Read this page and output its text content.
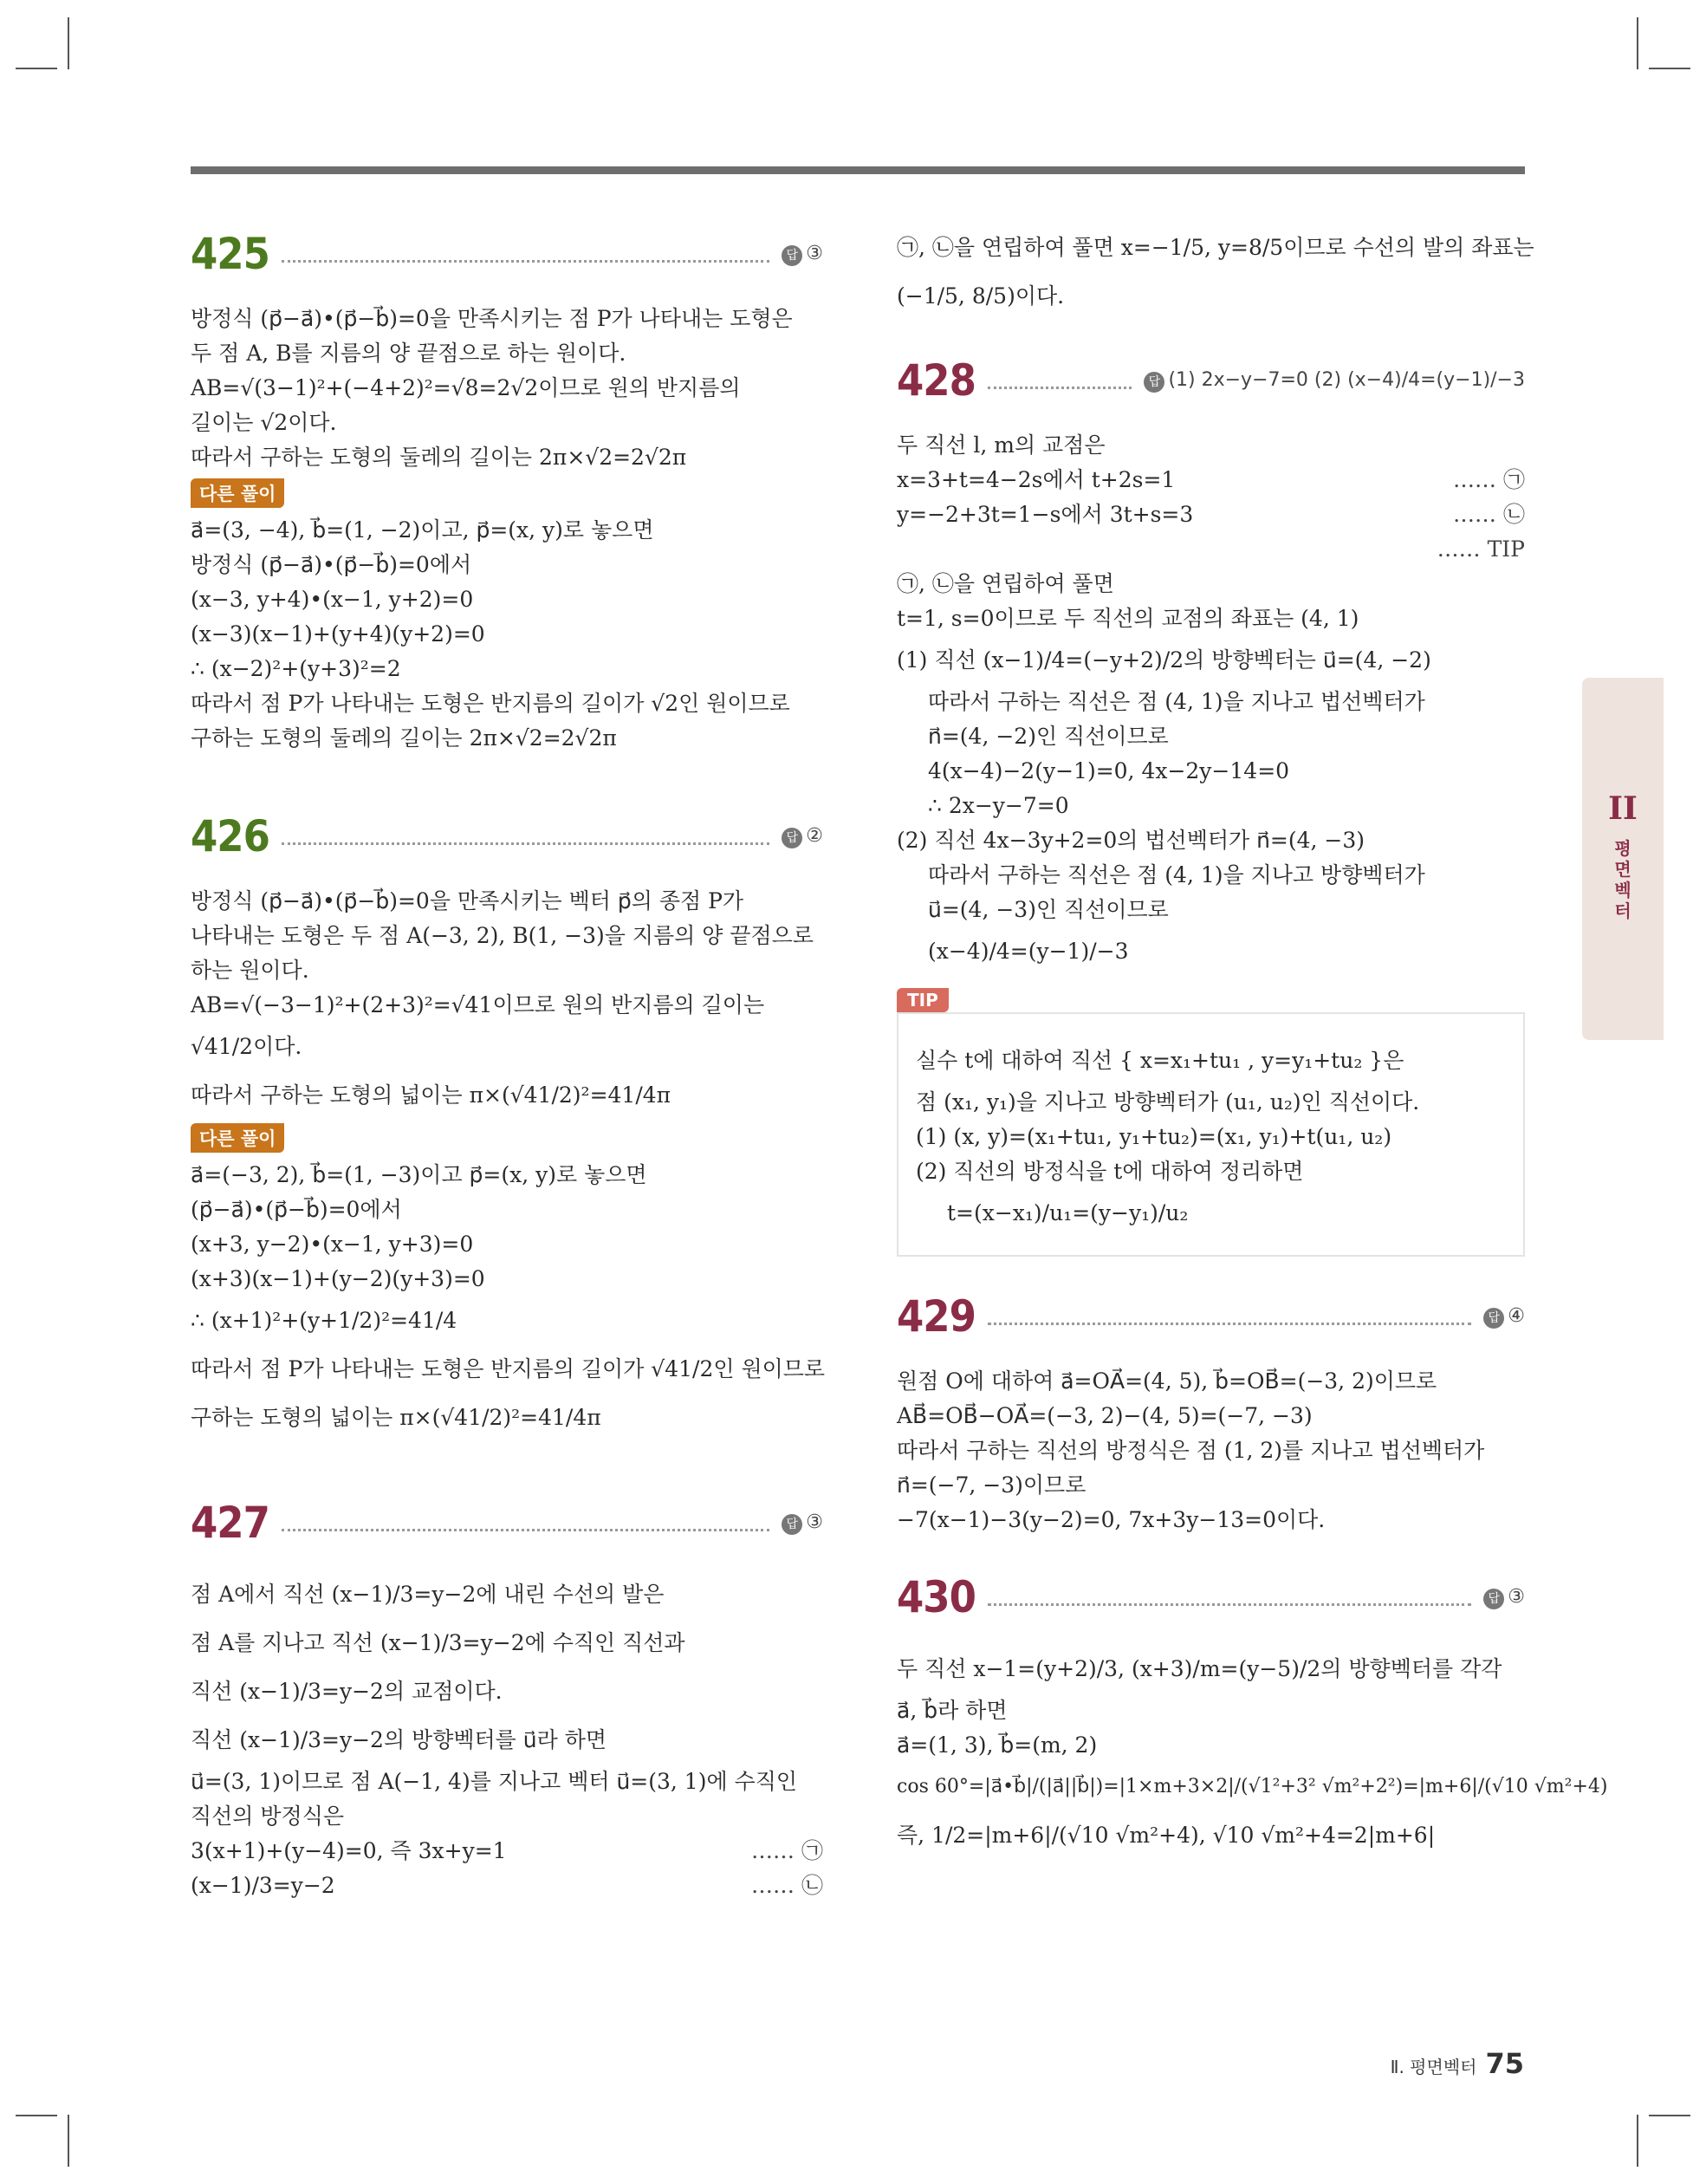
425	답 ③
방정식 (p⃗−a⃗)•(p⃗−b⃗)=0을 만족시키는 점 P가 나타내는 도형은
두 점 A, B를 지름의 양 끝점으로 하는 원이다.
AB=√(3−1)²+(−4+2)²=√8=2√2이므로 원의 반지름의
길이는 √2이다.
따라서 구하는 도형의 둘레의 길이는 2π×√2=2√2π
다른 풀이
a⃗=(3, −4), b⃗=(1, −2)이고, p⃗=(x, y)로 놓으면
방정식 (p⃗−a⃗)•(p⃗−b⃗)=0에서
(x−3, y+4)•(x−1, y+2)=0
(x−3)(x−1)+(y+4)(y+2)=0
∴ (x−2)²+(y+3)²=2
따라서 점 P가 나타내는 도형은 반지름의 길이가 √2인 원이므로
구하는 도형의 둘레의 길이는 2π×√2=2√2π
426	답 ②
방정식 (p⃗−a⃗)•(p⃗−b⃗)=0을 만족시키는 벡터 p⃗의 종점 P가
나타내는 도형은 두 점 A(−3, 2), B(1, −3)을 지름의 양 끝점으로
하는 원이다.
AB=√(−3−1)²+(2+3)²=√41이므로 원의 반지름의 길이는
√41/2이다.
따라서 구하는 도형의 넓이는 π×(√41/2)²=41/4π
다른 풀이
a⃗=(−3, 2), b⃗=(1, −3)이고 p⃗=(x, y)로 놓으면
(p⃗−a⃗)•(p⃗−b⃗)=0에서
(x+3, y−2)•(x−1, y+3)=0
(x+3)(x−1)+(y−2)(y+3)=0
∴ (x+1)²+(y+1/2)²=41/4
따라서 점 P가 나타내는 도형은 반지름의 길이가 √41/2인 원이므로
구하는 도형의 넓이는 π×(√41/2)²=41/4π
427	답 ③
점 A에서 직선 (x−1)/3=y−2에 내린 수선의 발은
점 A를 지나고 직선 (x−1)/3=y−2에 수직인 직선과
직선 (x−1)/3=y−2의 교점이다.
직선 (x−1)/3=y−2의 방향벡터를 u⃗라 하면
u⃗=(3, 1)이므로 점 A(−1, 4)를 지나고 벡터 u⃗=(3, 1)에 수직인
직선의 방정식은
…… ㉠
3(x+1)+(y−4)=0, 즉 3x+y=1
…… ㉡
(x−1)/3=y−2
㉠, ㉡을 연립하여 풀면 x=−1/5, y=8/5이므로 수선의 발의 좌표는
(−1/5, 8/5)이다.
428	답 (1) 2x−y−7=0 (2) (x−4)/4=(y−1)/−3
두 직선 l, m의 교점은
…… ㉠
x=3+t=4−2s에서 t+2s=1
…… ㉡
y=−2+3t=1−s에서 3t+s=3
…… TIP

㉠, ㉡을 연립하여 풀면
t=1, s=0이므로 두 직선의 교점의 좌표는 (4, 1)
(1) 직선 (x−1)/4=(−y+2)/2의 방향벡터는 u⃗=(4, −2)
따라서 구하는 직선은 점 (4, 1)을 지나고 법선벡터가
n⃗=(4, −2)인 직선이므로
4(x−4)−2(y−1)=0, 4x−2y−14=0
∴ 2x−y−7=0
(2) 직선 4x−3y+2=0의 법선벡터가 n⃗=(4, −3)
따라서 구하는 직선은 점 (4, 1)을 지나고 방향벡터가
u⃗=(4, −3)인 직선이므로
(x−4)/4=(y−1)/−3
TIP
실수 t에 대하여 직선 { x=x₁+tu₁ , y=y₁+tu₂ }은
점 (x₁, y₁)을 지나고 방향벡터가 (u₁, u₂)인 직선이다.
(1) (x, y)=(x₁+tu₁, y₁+tu₂)=(x₁, y₁)+t(u₁, u₂)
(2) 직선의 방정식을 t에 대하여 정리하면
t=(x−x₁)/u₁=(y−y₁)/u₂
429	답 ④
원점 O에 대하여 a⃗=OA⃗=(4, 5), b⃗=OB⃗=(−3, 2)이므로
AB⃗=OB⃗−OA⃗=(−3, 2)−(4, 5)=(−7, −3)
따라서 구하는 직선의 방정식은 점 (1, 2)를 지나고 법선벡터가
n⃗=(−7, −3)이므로
−7(x−1)−3(y−2)=0, 7x+3y−13=0이다.
430	답 ③
두 직선 x−1=(y+2)/3, (x+3)/m=(y−5)/2의 방향벡터를 각각
a⃗, b⃗라 하면
a⃗=(1, 3), b⃗=(m, 2)
cos 60°=|a⃗•b⃗|/(|a⃗||b⃗|)=|1×m+3×2|/(√1²+3² √m²+2²)=|m+6|/(√10 √m²+4)
즉, 1/2=|m+6|/(√10 √m²+4), √10 √m²+4=2|m+6|
II
평
면
벡
터
Ⅱ. 평면벡터 75
